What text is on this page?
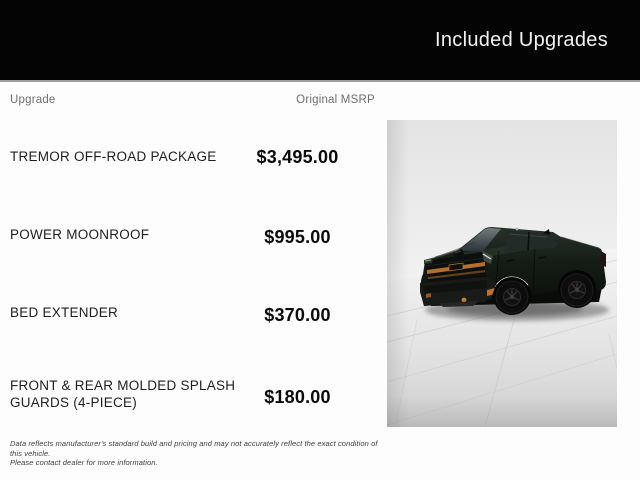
Included Upgrades
Upgrade	Original MSRP
TREMOR OFF-ROAD PACKAGE	$3,495.00
POWER MOONROOF	$995.00
BED EXTENDER	$370.00
FRONT & REAR MOLDED SPLASH GUARDS (4-PIECE)	$180.00
Data reflects manufacturer's standard build and pricing and may not accurately reflect the exact condition of this vehicle.
Please contact dealer for more information.
